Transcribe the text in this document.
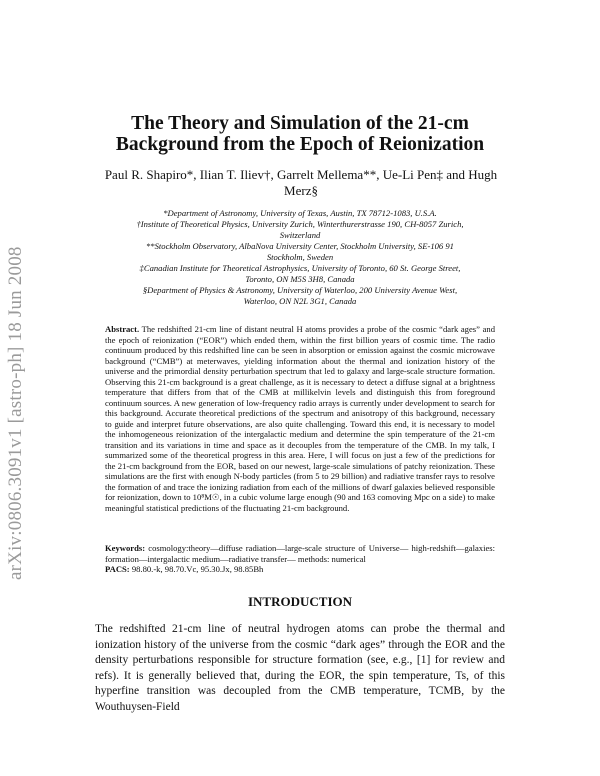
arXiv:0806.3091v1 [astro-ph] 18 Jun 2008
The Theory and Simulation of the 21-cm Background from the Epoch of Reionization
Paul R. Shapiro*, Ilian T. Iliev†, Garrelt Mellema**, Ue-Li Pen‡ and Hugh Merz§
*Department of Astronomy, University of Texas, Austin, TX 78712-1083, U.S.A.
†Institute of Theoretical Physics, University Zurich, Winterthurerstrasse 190, CH-8057 Zurich, Switzerland
**Stockholm Observatory, AlbaNova University Center, Stockholm University, SE-106 91 Stockholm, Sweden
‡Canadian Institute for Theoretical Astrophysics, University of Toronto, 60 St. George Street, Toronto, ON M5S 3H8, Canada
§Department of Physics & Astronomy, University of Waterloo, 200 University Avenue West, Waterloo, ON N2L 3G1, Canada
Abstract. The redshifted 21-cm line of distant neutral H atoms provides a probe of the cosmic “dark ages” and the epoch of reionization (“EOR”) which ended them, within the first billion years of cosmic time. The radio continuum produced by this redshifted line can be seen in absorption or emission against the cosmic microwave background (“CMB”) at meterwaves, yielding information about the thermal and ionization history of the universe and the primordial density perturbation spectrum that led to galaxy and large-scale structure formation. Observing this 21-cm background is a great challenge, as it is necessary to detect a diffuse signal at a brightness temperature that differs from that of the CMB at millikelvin levels and distinguish this from foreground continuum sources. A new generation of low-frequency radio arrays is currently under development to search for this background. Accurate theoretical predictions of the spectrum and anisotropy of this background, necessary to guide and interpret future observations, are also quite challenging. Toward this end, it is necessary to model the inhomogeneous reionization of the intergalactic medium and determine the spin temperature of the 21-cm transition and its variations in time and space as it decouples from the temperature of the CMB. In my talk, I summarized some of the theoretical progress in this area. Here, I will focus on just a few of the predictions for the 21-cm background from the EOR, based on our newest, large-scale simulations of patchy reionization. These simulations are the first with enough N-body particles (from 5 to 29 billion) and radiative transfer rays to resolve the formation of and trace the ionizing radiation from each of the millions of dwarf galaxies believed responsible for reionization, down to 10⁸M☉, in a cubic volume large enough (90 and 163 comoving Mpc on a side) to make meaningful statistical predictions of the fluctuating 21-cm background.
Keywords: cosmology:theory—diffuse radiation—large-scale structure of Universe— high-redshift—galaxies: formation—intergalactic medium—radiative transfer— methods: numerical
PACS: 98.80.-k, 98.70.Vc, 95.30.Jx, 98.85Bh
INTRODUCTION
The redshifted 21-cm line of neutral hydrogen atoms can probe the thermal and ionization history of the universe from the cosmic “dark ages” through the EOR and the density perturbations responsible for structure formation (see, e.g., [1] for review and refs). It is generally believed that, during the EOR, the spin temperature, Ts, of this hyperfine transition was decoupled from the CMB temperature, TCMB, by the Wouthuysen-Field
